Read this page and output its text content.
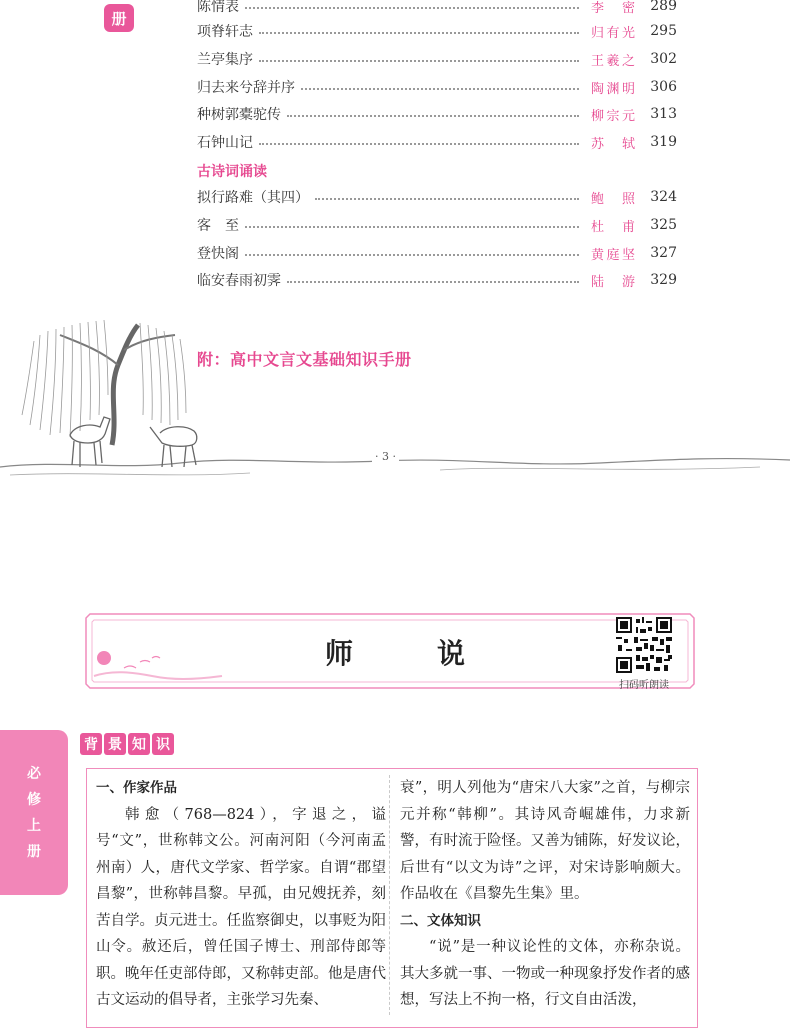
册
陈情表	李密 289
项脊轩志	归有光 295
兰亭集序	王羲之 302
归去来兮辞并序	陶渊明 306
种树郭橐驼传	柳宗元 313
石钟山记	苏轼 319
古诗词诵读
拟行路难（其四）	鲍照 324
客　至	杜甫 325
登快阁	黄庭坚 327
临安春雨初霁	陆游 329
附：高中文言文基础知识手册
· 3 ·
师　说
扫码听朗读
必
修
上
册
背 景 知 识
一、作家作品

韩愈（768—824），字退之，谥号“文”，世称韩文公。河南河阳（今河南孟州南）人，唐代文学家、哲学家。自谓“郡望昌黎”，世称韩昌黎。早孤，由兄嫂抚养，刻苦自学。贞元进士。任监察御史，以事贬为阳山令。赦还后，曾任国子博士、刑部侍郎等职。晚年任吏部侍郎，又称韩吏部。他是唐代古文运动的倡导者，主张学习先秦、

衰”，明人列他为“唐宋八大家”之首，与柳宗元并称“韩柳”。其诗风奇崛雄伟，力求新警，有时流于险怪。又善为铺陈，好发议论，后世有“以文为诗”之评，对宋诗影响颇大。作品收在《昌黎先生集》里。

二、文体知识

“说”是一种议论性的文体，亦称杂说。其大多就一事、一物或一种现象抒发作者的感想，写法上不拘一格，行文自由活泼，
